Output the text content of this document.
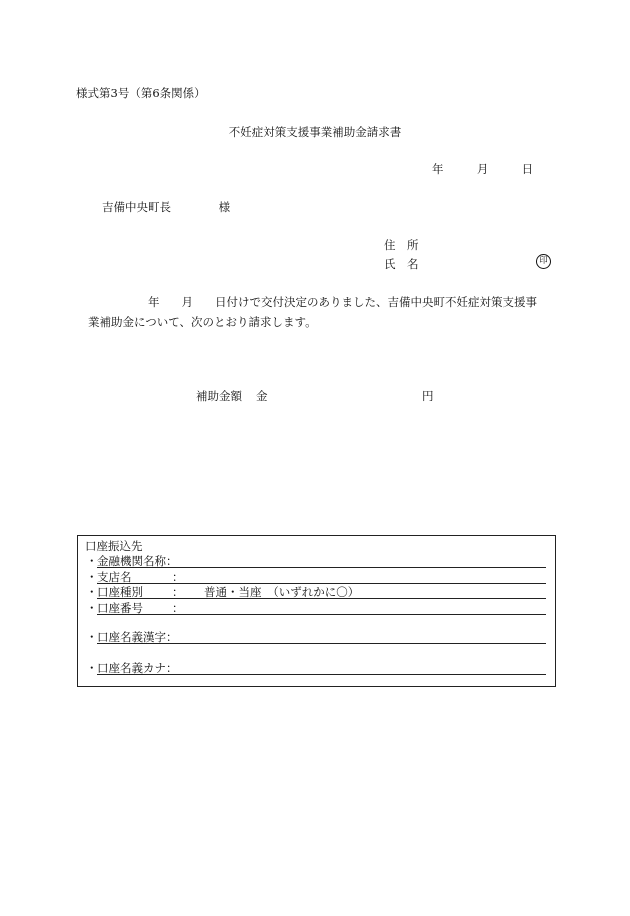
様式第3号（第6条関係）
不妊症対策支援事業補助金請求書
年	月	日
吉備中央町長	様
住　所
氏　名	印
年 月 日付けで交付決定のありました、吉備中央町不妊症対策支援事
業補助金について、次のとおり請求します。
補助金額 金	円
口座振込先
・ 金融機関名称：
・ 支店名	：
・ 口座種別	： 普通・当座　（いずれかに〇）
・ 口座番号	：
・ 口座名義漢字：
・ 口座名義カナ：
